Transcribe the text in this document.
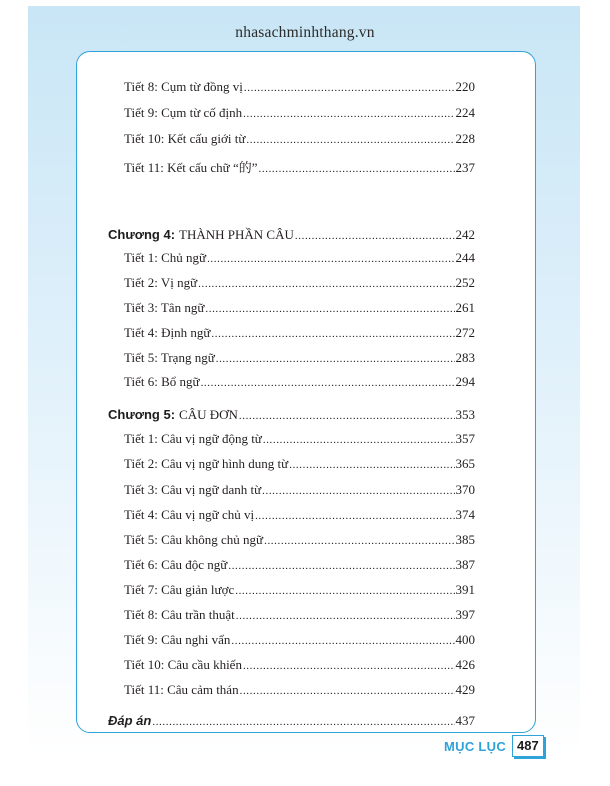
nhasachminhthang.vn
Tiết 8: Cụm từ đồng vị .....	220
Tiết 9: Cụm từ cố định .....	224
Tiết 10: Kết cấu giới từ .....	228
Tiết 11: Kết cấu chữ “的” .....	237
Chương 4: THÀNH PHẦN CÂU .....	242
Tiết 1: Chủ ngữ .....	244
Tiết 2: Vị ngữ .....	252
Tiết 3: Tân ngữ .....	261
Tiết 4: Định ngữ .....	272
Tiết 5: Trạng ngữ .....	283
Tiết 6: Bổ ngữ .....	294
Chương 5: CÂU ĐƠN .....	353
Tiết 1: Câu vị ngữ động từ .....	357
Tiết 2: Câu vị ngữ hình dung từ .....	365
Tiết 3: Câu vị ngữ danh từ .....	370
Tiết 4: Câu vị ngữ chủ vị .....	374
Tiết 5: Câu không chủ ngữ .....	385
Tiết 6: Câu độc ngữ .....	387
Tiết 7: Câu giản lược .....	391
Tiết 8: Câu trần thuật .....	397
Tiết 9: Câu nghi vấn .....	400
Tiết 10: Câu cầu khiến .....	426
Tiết 11: Câu cảm thán .....	429
Đáp án .....	437
MỤC LỤC 487
